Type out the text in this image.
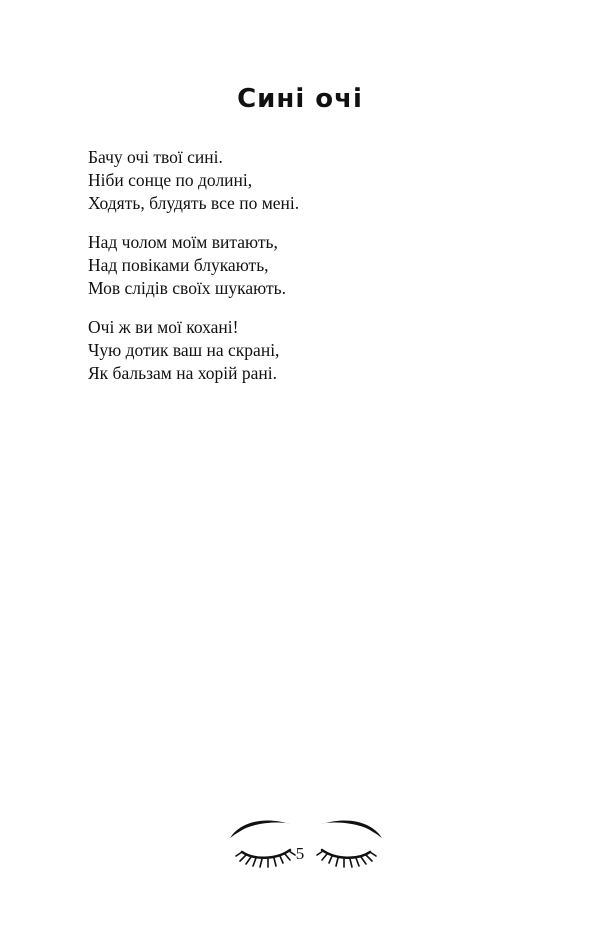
Сині очі
Бачу очі твої сині.
Ніби сонце по долині,
Ходять, блудять все по мені.
Над чолом моїм витають,
Над повіками блукають,
Мов слідів своїх шукають.
Очі ж ви мої кохані!
Чую дотик ваш на скрані,
Як бальзам на хорій рані.
5
